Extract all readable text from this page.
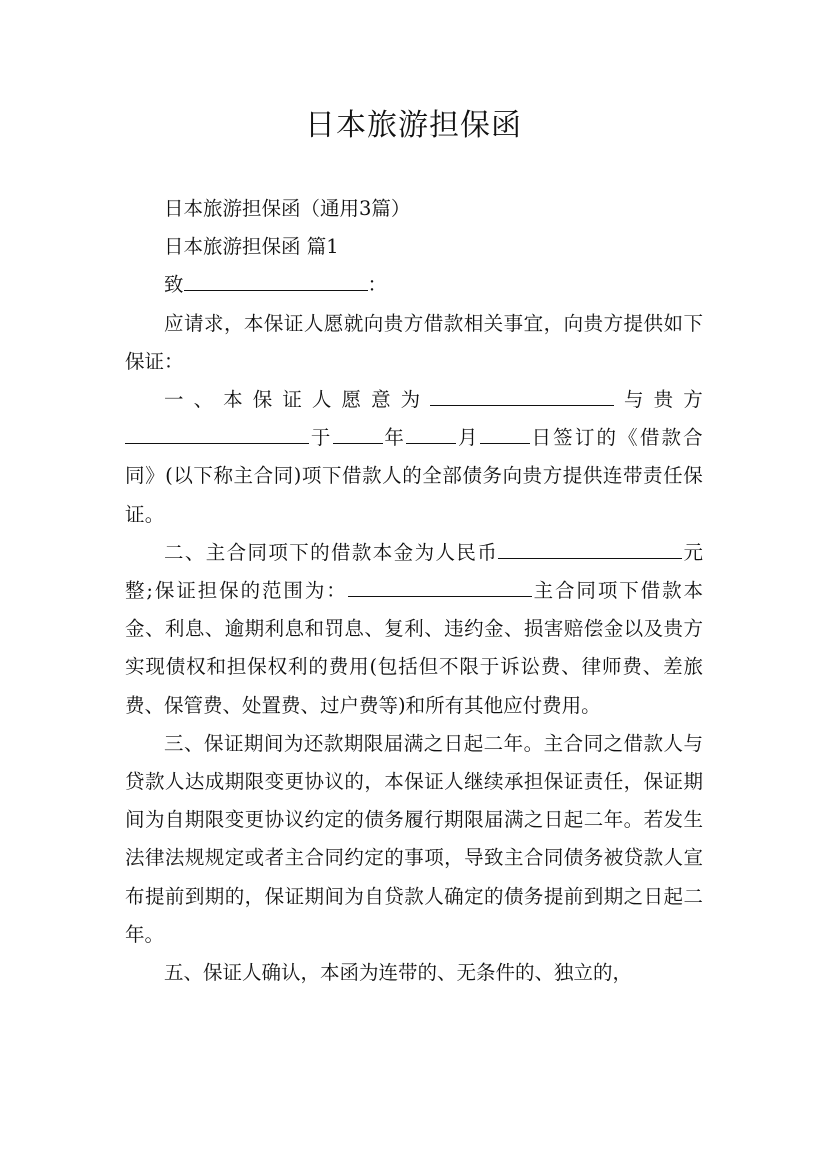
日本旅游担保函

日本旅游担保函（通用3篇）

日本旅游担保函 篇1

致	：

应请求，本保证人愿就向贵方借款相关事宜，向贵方提供如下保证：

一、本保证人愿意为	与贵方于	年	月	日签订的《借款合同》(以下称主合同)项下借款人的全部债务向贵方提供连带责任保证。

二、主合同项下的借款本金为人民币	元整;保证担保的范围为：	主合同项下借款本金、利息、逾期利息和罚息、复利、违约金、损害赔偿金以及贵方实现债权和担保权利的费用(包括但不限于诉讼费、律师费、差旅费、保管费、处置费、过户费等)和所有其他应付费用。

三、保证期间为还款期限届满之日起二年。主合同之借款人与贷款人达成期限变更协议的，本保证人继续承担保证责任，保证期间为自期限变更协议约定的债务履行期限届满之日起二年。若发生法律法规规定或者主合同约定的事项，导致主合同债务被贷款人宣布提前到期的，保证期间为自贷款人确定的债务提前到期之日起二年。

五、保证人确认，本函为连带的、无条件的、独立的，
